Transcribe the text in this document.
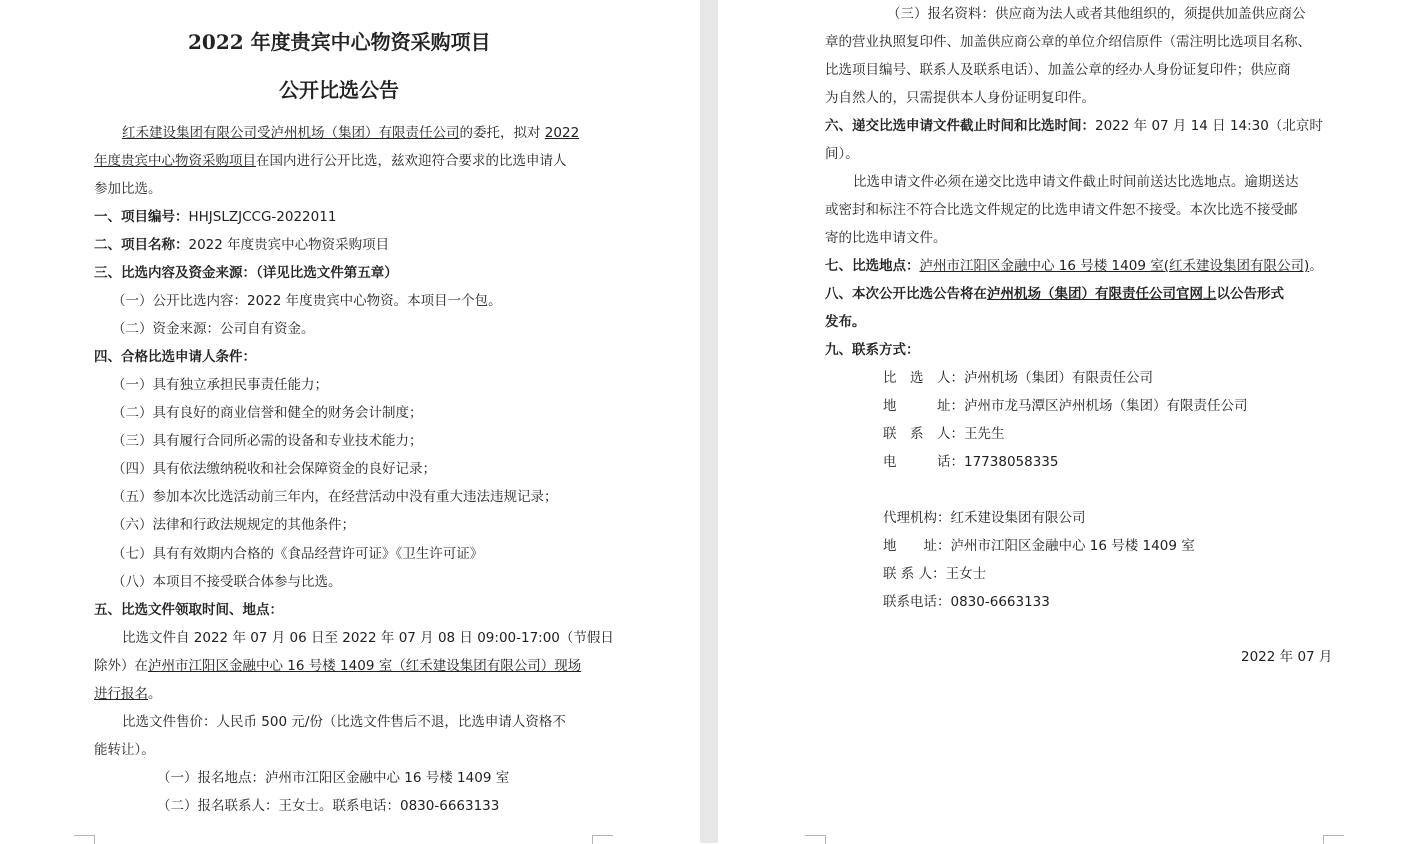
2022 年度贵宾中心物资采购项目
公开比选公告
红禾建设集团有限公司受泸州机场（集团）有限责任公司的委托，拟对 2022
年度贵宾中心物资采购项目在国内进行公开比选，兹欢迎符合要求的比选申请人
参加比选。
一、项目编号：HHJSLZJCCG-2022011
二、项目名称：2022 年度贵宾中心物资采购项目
三、比选内容及资金来源：（详见比选文件第五章）
（一）公开比选内容：2022 年度贵宾中心物资。本项目一个包。
（二）资金来源：公司自有资金。
四、合格比选申请人条件：
（一）具有独立承担民事责任能力；
（二）具有良好的商业信誉和健全的财务会计制度；
（三）具有履行合同所必需的设备和专业技术能力；
（四）具有依法缴纳税收和社会保障资金的良好记录；
（五）参加本次比选活动前三年内，在经营活动中没有重大违法违规记录；
（六）法律和行政法规规定的其他条件；
（七）具有有效期内合格的《食品经营许可证》《卫生许可证》
（八）本项目不接受联合体参与比选。
五、比选文件领取时间、地点：
比选文件自 2022 年 07 月 06 日至 2022 年 07 月 08 日 09:00-17:00（节假日
除外）在泸州市江阳区金融中心 16 号楼 1409 室（红禾建设集团有限公司）现场
进行报名。
比选文件售价：人民币 500 元/份（比选文件售后不退，比选申请人资格不
能转让）。
（一）报名地点：泸州市江阳区金融中心 16 号楼 1409 室
（二）报名联系人：王女士。联系电话：0830-6663133
（三）报名资料：供应商为法人或者其他组织的，须提供加盖供应商公
章的营业执照复印件、加盖供应商公章的单位介绍信原件（需注明比选项目名称、
比选项目编号、联系人及联系电话）、加盖公章的经办人身份证复印件；供应商
为自然人的，只需提供本人身份证明复印件。
六、递交比选申请文件截止时间和比选时间：2022 年 07 月 14 日 14:30（北京时
间）。
比选申请文件必须在递交比选申请文件截止时间前送达比选地点。逾期送达
或密封和标注不符合比选文件规定的比选申请文件恕不接受。本次比选不接受邮
寄的比选申请文件。
七、比选地点：泸州市江阳区金融中心 16 号楼 1409 室(红禾建设集团有限公司)。
八、本次公开比选公告将在泸州机场（集团）有限责任公司官网上以公告形式
发布。
九、联系方式：
比　选　人：泸州机场（集团）有限责任公司
地　　　址：泸州市龙马潭区泸州机场（集团）有限责任公司
联　系　人：王先生
电　　　话：17738058335
代理机构：红禾建设集团有限公司
地　　址：泸州市江阳区金融中心 16 号楼 1409 室
联 系 人：王女士
联系电话：0830-6663133
2022 年 07 月
